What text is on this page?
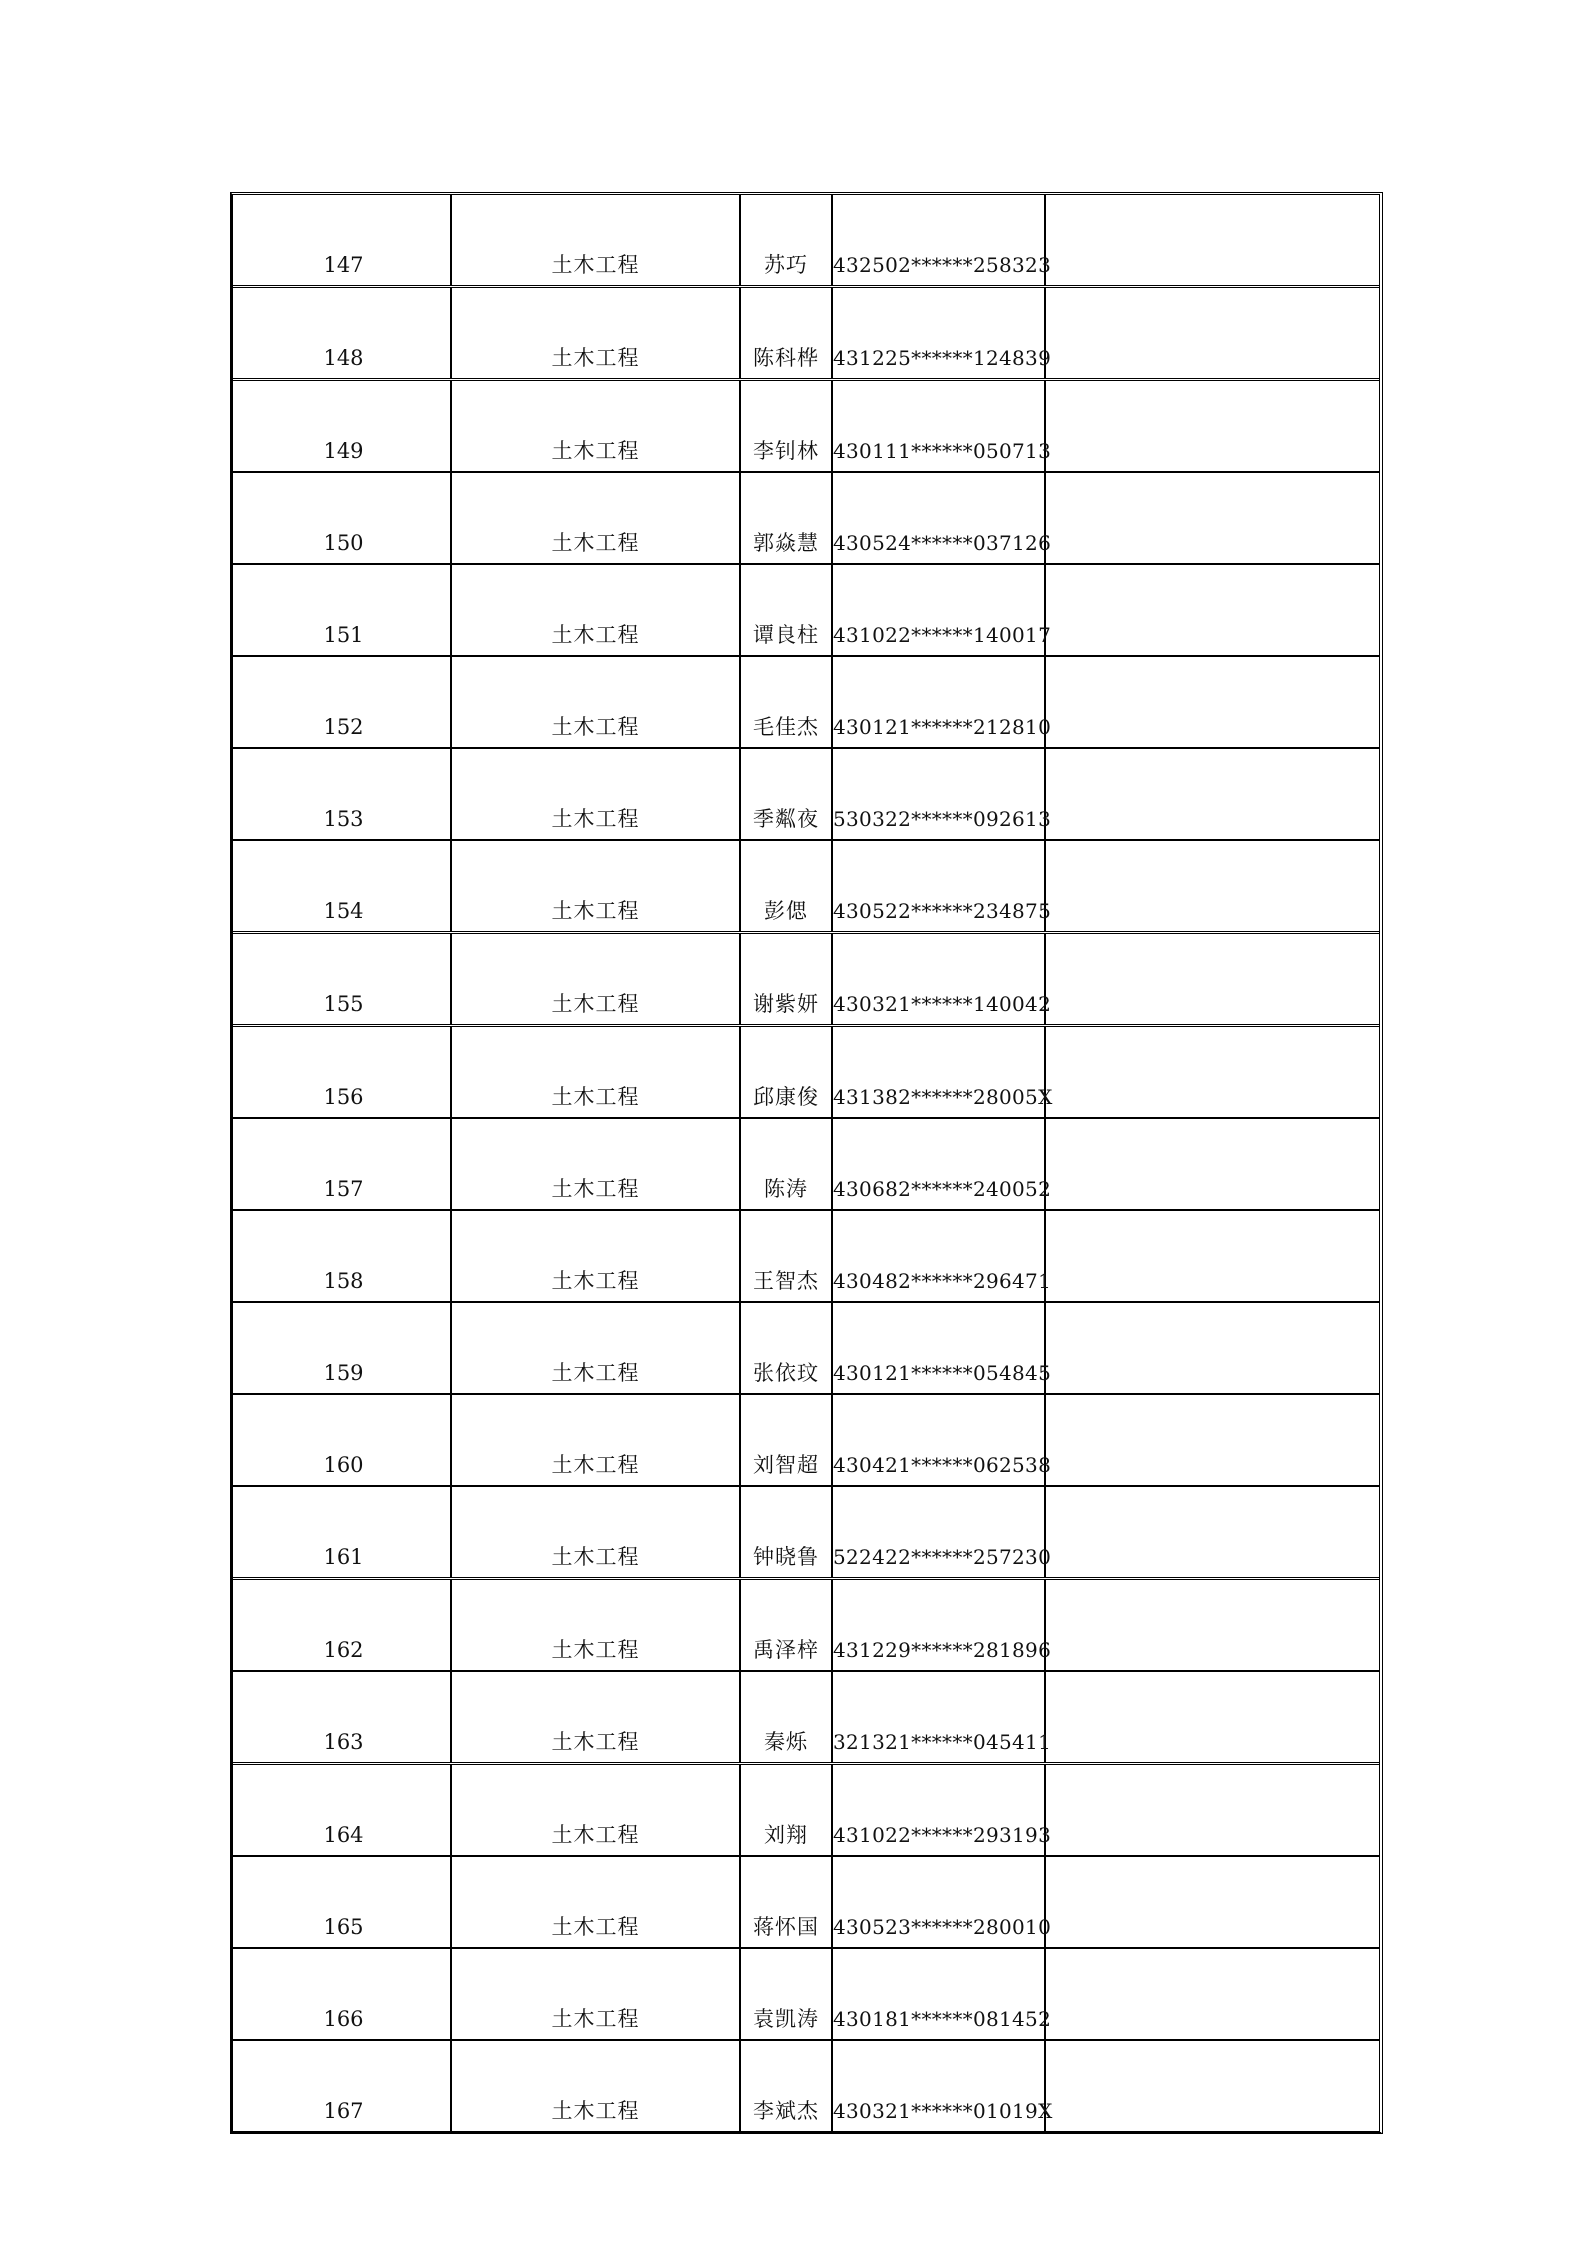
147	土木工程	苏巧	432502******258323	
148	土木工程	陈科桦	431225******124839	
149	土木工程	李钊林	430111******050713	
150	土木工程	郭焱慧	430524******037126	
151	土木工程	谭良柱	431022******140017	
152	土木工程	毛佳杰	430121******212810	
153	土木工程	季粼夜	530322******092613	
154	土木工程	彭偲	430522******234875	
155	土木工程	谢紫妍	430321******140042	
156	土木工程	邱康俊	431382******28005X	
157	土木工程	陈涛	430682******240052	
158	土木工程	王智杰	430482******296471	
159	土木工程	张依玟	430121******054845	
160	土木工程	刘智超	430421******062538	
161	土木工程	钟晓鲁	522422******257230	
162	土木工程	禹泽梓	431229******281896	
163	土木工程	秦烁	321321******045411	
164	土木工程	刘翔	431022******293193	
165	土木工程	蒋怀国	430523******280010	
166	土木工程	袁凯涛	430181******081452	
167	土木工程	李斌杰	430321******01019X	
